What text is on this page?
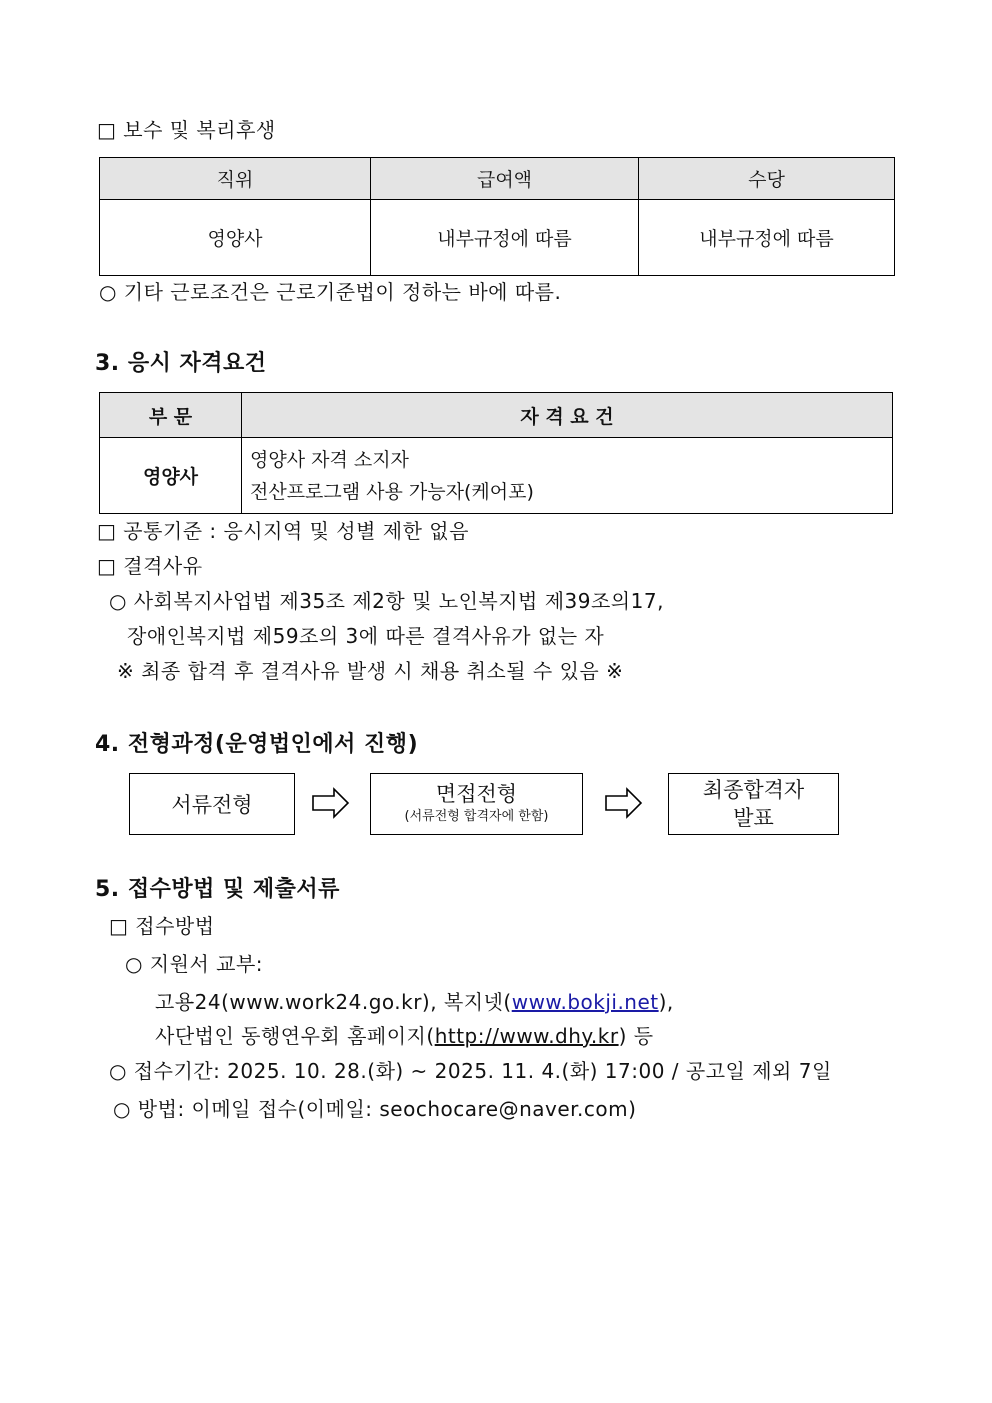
□ 보수 및 복리후생
직위	급여액	수당
영양사	내부규정에 따름	내부규정에 따름
○ 기타 근로조건은 근로기준법이 정하는 바에 따름.
3. 응시 자격요건
부 문	자 격 요 건
영양사	영양사 자격 소지자
전산프로그램 사용 가능자(케어포)
□ 공통기준 : 응시지역 및 성별 제한 없음
□ 결격사유
○ 사회복지사업법 제35조 제2항 및 노인복지법 제39조의17,
장애인복지법 제59조의 3에 따른 결격사유가 없는 자
※ 최종 합격 후 결격사유 발생 시 채용 취소될 수 있음 ※
4. 전형과정(운영법인에서 진행)
서류전형	면접전형
(서류전형 합격자에 한함)
최종합격자
발표
5. 접수방법 및 제출서류
□ 접수방법
○ 지원서 교부:
고용24(www.work24.go.kr), 복지넷(www.bokji.net),
사단법인 동행연우회 홈페이지(http://www.dhy.kr) 등
○ 접수기간: 2025. 10. 28.(화) ~ 2025. 11. 4.(화) 17:00 / 공고일 제외 7일
○ 방법: 이메일 접수(이메일: seochocare@naver.com)
